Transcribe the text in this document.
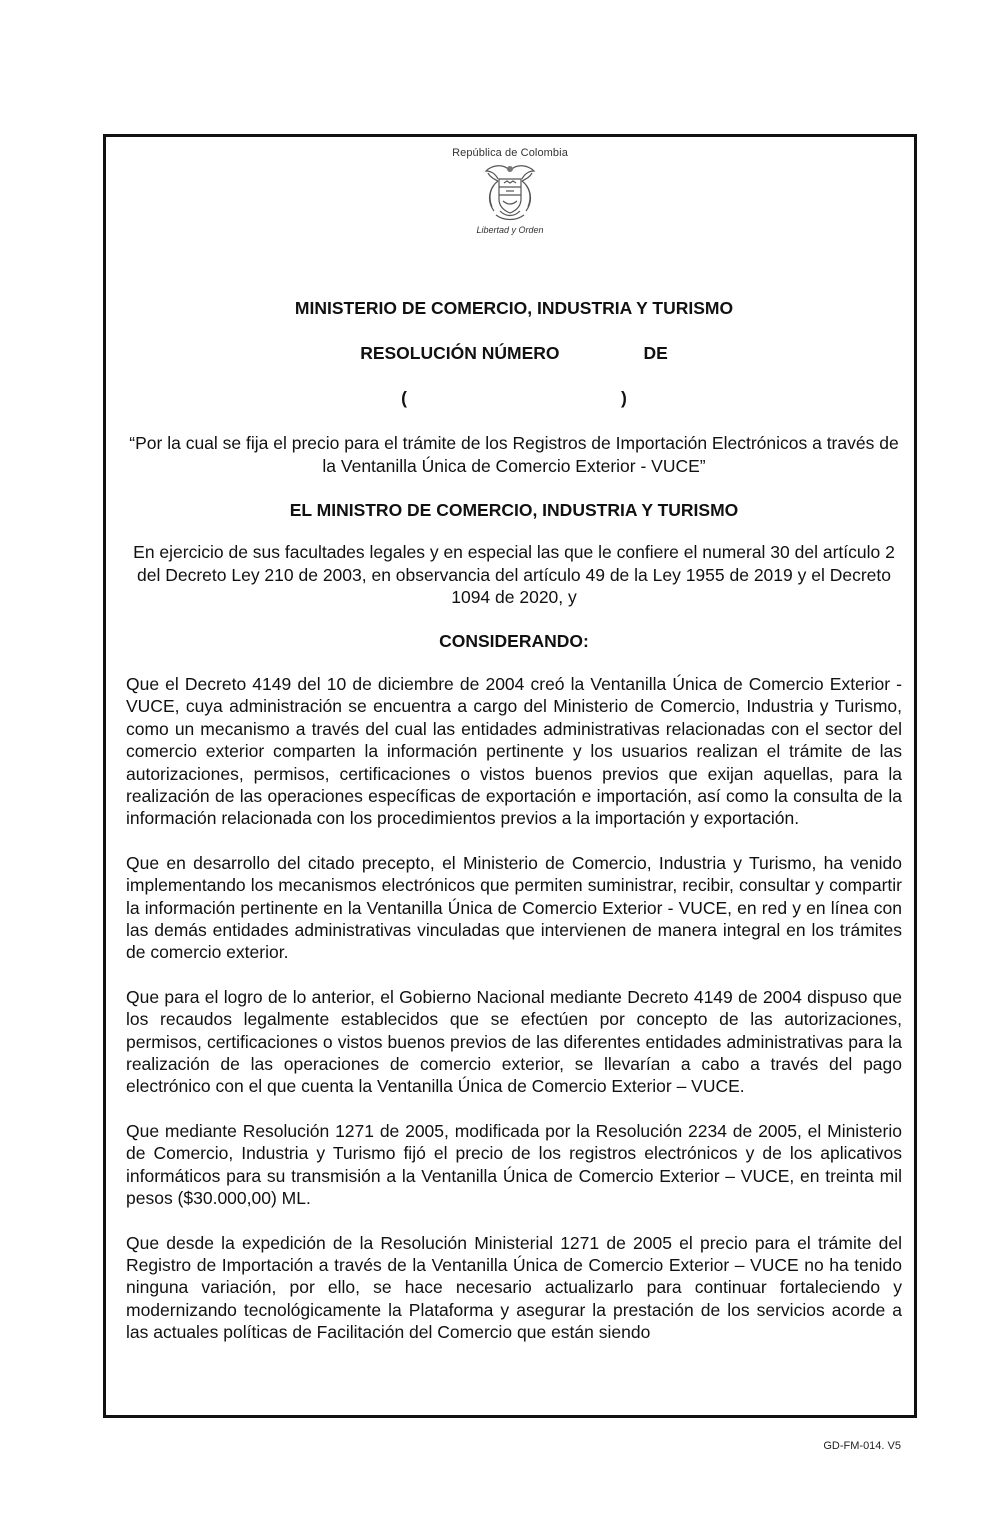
República de Colombia
Libertad y Orden
MINISTERIO DE COMERCIO, INDUSTRIA Y TURISMO
RESOLUCIÓN NÚMERO	DE
(	)
“Por la cual se fija el precio para el trámite de los Registros de Importación Electrónicos a través de la Ventanilla Única de Comercio Exterior - VUCE”
EL MINISTRO DE COMERCIO, INDUSTRIA Y TURISMO
En ejercicio de sus facultades legales y en especial las que le confiere el numeral 30 del artículo 2 del Decreto Ley 210 de 2003, en observancia del artículo 49 de la Ley 1955 de 2019 y el Decreto 1094 de 2020, y
CONSIDERANDO:

Que el Decreto 4149 del 10 de diciembre de 2004 creó la Ventanilla Única de Comercio Exterior - VUCE, cuya administración se encuentra a cargo del Ministerio de Comercio, Industria y Turismo, como un mecanismo a través del cual las entidades administrativas relacionadas con el sector del comercio exterior comparten la información pertinente y los usuarios realizan el trámite de las autorizaciones, permisos, certificaciones o vistos buenos previos que exijan aquellas, para la realización de las operaciones específicas de exportación e importación, así como la consulta de la información relacionada con los procedimientos previos a la importación y exportación.

Que en desarrollo del citado precepto, el Ministerio de Comercio, Industria y Turismo, ha venido implementando los mecanismos electrónicos que permiten suministrar, recibir, consultar y compartir la información pertinente en la Ventanilla Única de Comercio Exterior - VUCE, en red y en línea con las demás entidades administrativas vinculadas que intervienen de manera integral en los trámites de comercio exterior.

Que para el logro de lo anterior, el Gobierno Nacional mediante Decreto 4149 de 2004 dispuso que los recaudos legalmente establecidos que se efectúen por concepto de las autorizaciones, permisos, certificaciones o vistos buenos previos de las diferentes entidades administrativas para la realización de las operaciones de comercio exterior, se llevarían a cabo a través del pago electrónico con el que cuenta la Ventanilla Única de Comercio Exterior – VUCE.

Que mediante Resolución 1271 de 2005, modificada por la Resolución 2234 de 2005, el Ministerio de Comercio, Industria y Turismo fijó el precio de los registros electrónicos y de los aplicativos informáticos para su transmisión a la Ventanilla Única de Comercio Exterior – VUCE, en treinta mil pesos ($30.000,00) ML.

Que desde la expedición de la Resolución Ministerial 1271 de 2005 el precio para el trámite del Registro de Importación a través de la Ventanilla Única de Comercio Exterior – VUCE no ha tenido ninguna variación, por ello, se hace necesario actualizarlo para continuar fortaleciendo y modernizando tecnológicamente la Plataforma y asegurar la prestación de los servicios acorde a las actuales políticas de Facilitación del Comercio que están siendo

GD-FM-014. V5
